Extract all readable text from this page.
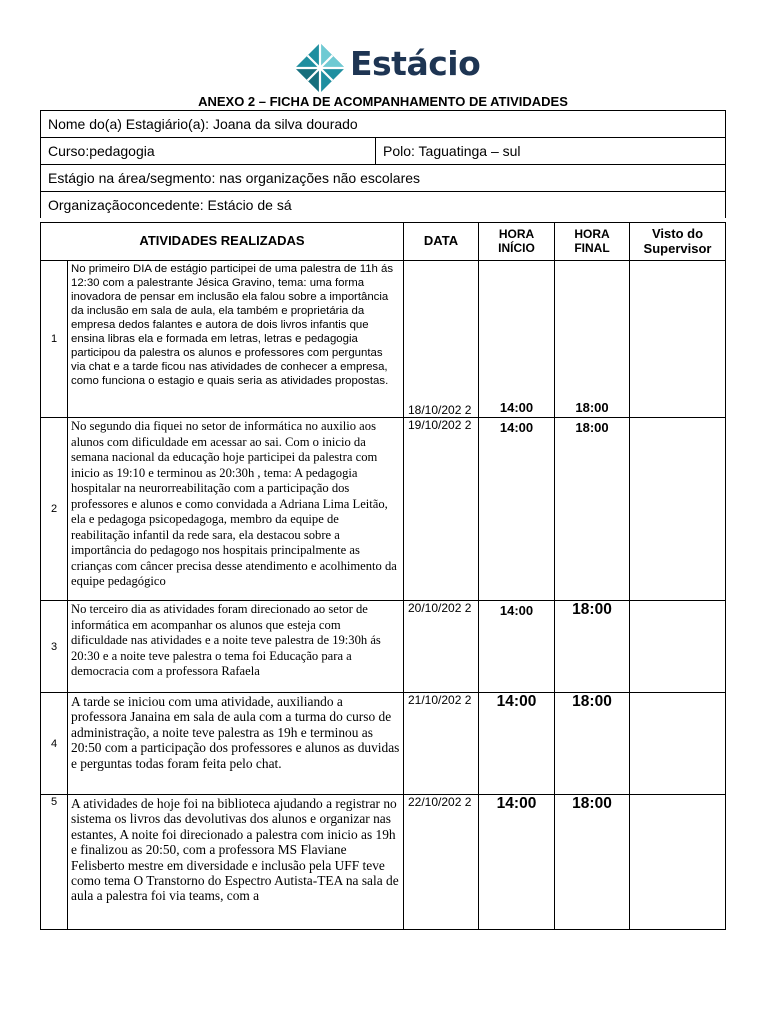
Estácio
ANEXO 2 – FICHA DE ACOMPANHAMENTO DE ATIVIDADES
Nome do(a) Estagiário(a): Joana da silva dourado
Curso:pedagogia	Polo: Taguatinga – sul
Estágio na área/segmento: nas organizações não escolares
Organizaçãoconcedente: Estácio de sá
ATIVIDADES REALIZADAS		DATA	HORA INÍCIO	HORA FINAL	Visto do Supervisor
1	No primeiro DIA de estágio participei de uma palestra de 11h ás 12:30 com a palestrante Jésica Gravino, tema: uma forma inovadora de pensar em inclusão ela falou sobre a importância da inclusão em sala de aula, ela também e proprietária da empresa dedos falantes e autora de dois livros infantis que ensina libras ela e formada em letras, letras e pedagogia participou da palestra os alunos e professores com perguntas via chat e a tarde ficou nas atividades de conhecer a empresa, como funciona o estagio e quais seria as atividades propostas.	18/10/202 2	14:00	18:00	
2	No segundo dia fiquei no setor de informática no auxilio aos alunos com dificuldade em acessar ao sai. Com o inicio da semana nacional da educação hoje participei da palestra com inicio as 19:10 e terminou as 20:30h , tema: A pedagogia hospitalar na neurorreabilitação com a participação dos professores e alunos e como convidada a Adriana Lima Leitão, ela e pedagoga psicopedagoga, membro da equipe de reabilitação infantil da rede sara, ela destacou sobre a importância do pedagogo nos hospitais principalmente as crianças com câncer precisa desse atendimento e acolhimento da equipe pedagógico	19/10/202 2	14:00	18:00	
3	No terceiro dia as atividades foram direcionado ao setor de informática em acompanhar os alunos que esteja com dificuldade nas atividades e a noite teve palestra de 19:30h ás 20:30 e a noite teve palestra o tema foi Educação para a democracia com a professora Rafaela	20/10/202 2	14:00	18:00	
4	A tarde se iniciou com uma atividade, auxiliando a professora Janaina em sala de aula com a turma do curso de administração, a noite teve palestra as 19h e terminou as 20:50 com a participação dos professores e alunos as duvidas e perguntas todas foram feita pelo chat.	21/10/202 2	14:00	18:00	
5	A atividades de hoje foi na biblioteca ajudando a registrar no sistema os livros das devolutivas dos alunos e organizar nas estantes, A noite foi direcionado a palestra com inicio as 19h e finalizou as 20:50, com a professora MS Flaviane Felisberto mestre em diversidade e inclusão pela UFF teve como tema O Transtorno do Espectro Autista-TEA na sala de aula a palestra foi via teams, com a	22/10/202 2	14:00	18:00	
